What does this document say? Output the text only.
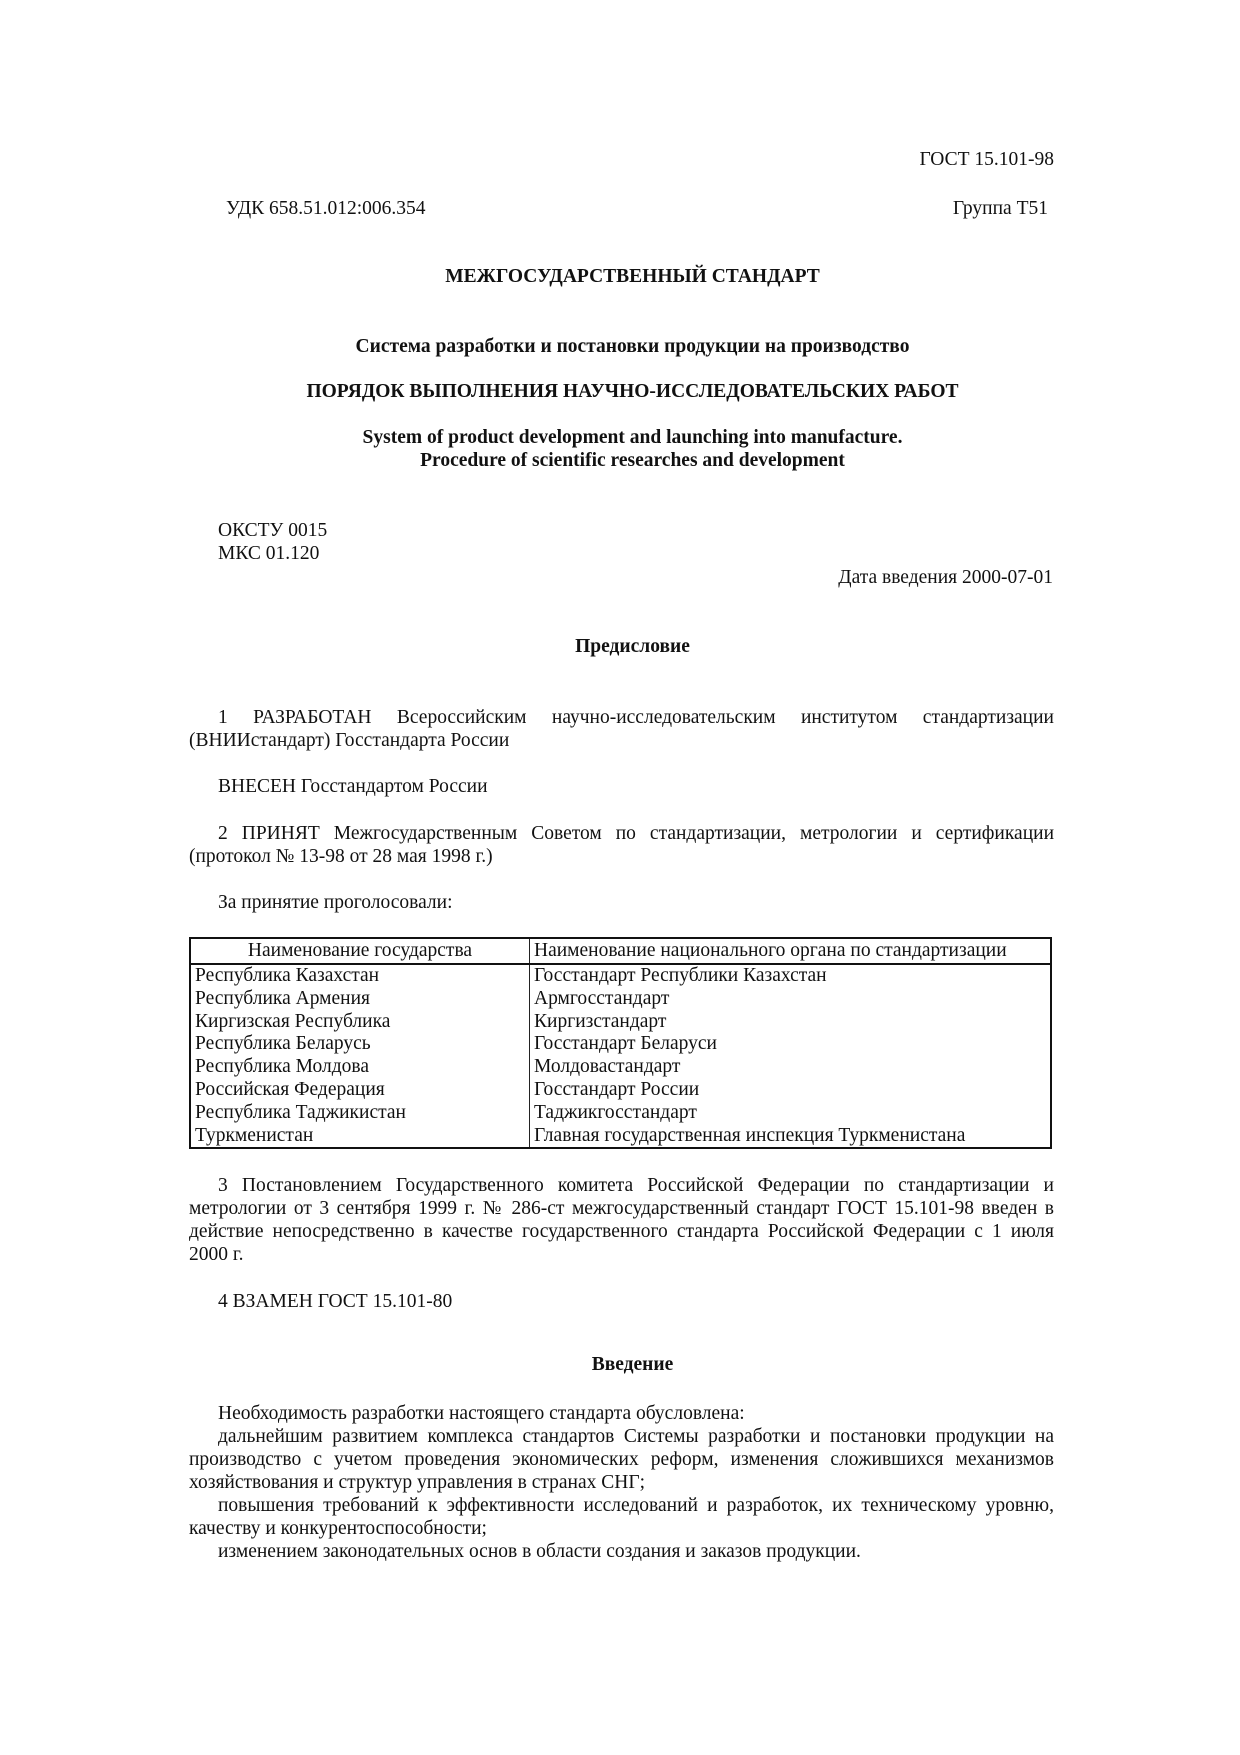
ГОСТ 15.101-98
УДК 658.51.012:006.354	Группа Т51
МЕЖГОСУДАРСТВЕННЫЙ СТАНДАРТ
Система разработки и постановки продукции на производство
ПОРЯДОК ВЫПОЛНЕНИЯ НАУЧНО-ИССЛЕДОВАТЕЛЬСКИХ РАБОТ
System of product development and launching into manufacture.
Procedure of scientific researches and development
ОКСТУ 0015
МКС 01.120
Дата введения 2000-07-01
Предисловие
1 РАЗРАБОТАН Всероссийским научно-исследовательским институтом стандартизации (ВНИИстандарт) Госстандарта России
ВНЕСЕН Госстандартом России
2 ПРИНЯТ Межгосударственным Советом по стандартизации, метрологии и сертификации (протокол № 13-98 от 28 мая 1998 г.)
За принятие проголосовали:
Наименование государства	Наименование национального органа по стандартизации
Республика Казахстан	Госстандарт Республики Казахстан
Республика Армения	Армгосстандарт
Киргизская Республика	Киргизстандарт
Республика Беларусь	Госстандарт Беларуси
Республика Молдова	Молдовастандарт
Российская Федерация	Госстандарт России
Республика Таджикистан	Таджикгосстандарт
Туркменистан	Главная государственная инспекция Туркменистана
3 Постановлением Государственного комитета Российской Федерации по стандартизации и метрологии от 3 сентября 1999 г. № 286-ст межгосударственный стандарт ГОСТ 15.101-98 введен в действие непосредственно в качестве государственного стандарта Российской Федерации с 1 июля 2000 г.
4 ВЗАМЕН ГОСТ 15.101-80
Введение
Необходимость разработки настоящего стандарта обусловлена:
дальнейшим развитием комплекса стандартов Системы разработки и постановки продукции на производство с учетом проведения экономических реформ, изменения сложившихся механизмов хозяйствования и структур управления в странах СНГ;
повышения требований к эффективности исследований и разработок, их техническому уровню, качеству и конкурентоспособности;
изменением законодательных основ в области создания и заказов продукции.
